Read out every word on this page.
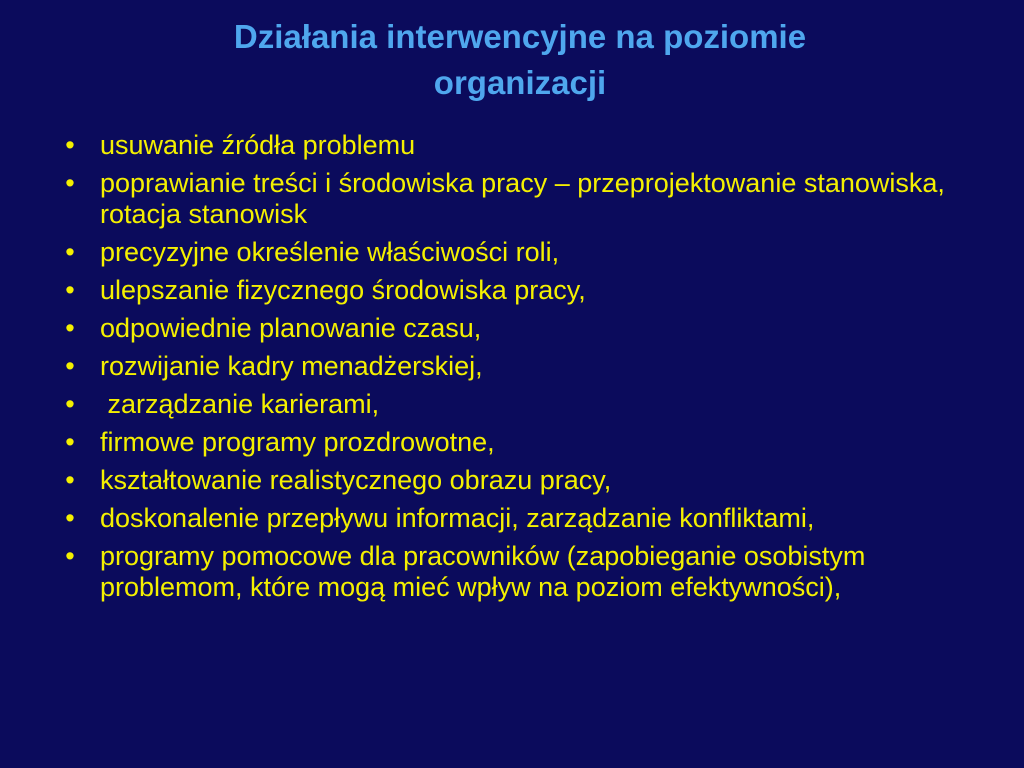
Działania interwencyjne na poziomie
organizacji
• usuwanie źródła problemu
• poprawianie treści i środowiska pracy – przeprojektowanie stanowiska, rotacja stanowisk
• precyzyjne określenie właściwości roli,
• ulepszanie fizycznego środowiska pracy,
• odpowiednie planowanie czasu,
• rozwijanie kadry menadżerskiej,
• zarządzanie karierami,
• firmowe programy prozdrowotne,
• kształtowanie realistycznego obrazu pracy,
• doskonalenie przepływu informacji, zarządzanie konfliktami,
• programy pomocowe dla pracowników (zapobieganie osobistym problemom, które mogą mieć wpływ na poziom efektywności),
